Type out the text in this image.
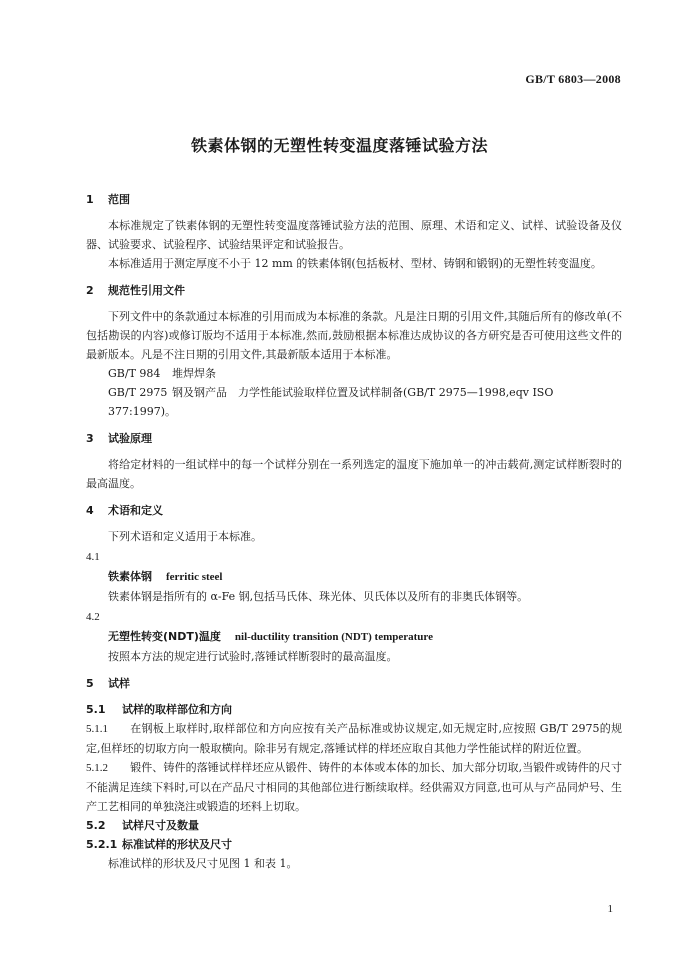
GB/T 6803—2008
铁素体钢的无塑性转变温度落锤试验方法
1 范围
本标准规定了铁素体钢的无塑性转变温度落锤试验方法的范围、原理、术语和定义、试样、试验设备及仪器、试验要求、试验程序、试验结果评定和试验报告。
本标准适用于测定厚度不小于 12 mm 的铁素体钢(包括板材、型材、铸钢和锻钢)的无塑性转变温度。
2 规范性引用文件
下列文件中的条款通过本标准的引用而成为本标准的条款。凡是注日期的引用文件,其随后所有的修改单(不包括勘误的内容)或修订版均不适用于本标准,然而,鼓励根据本标准达成协议的各方研究是否可使用这些文件的最新版本。凡是不注日期的引用文件,其最新版本适用于本标准。
GB/T 984 堆焊焊条
GB/T 2975 钢及钢产品　力学性能试验取样位置及试样制备(GB/T 2975—1998,eqv ISO 377:1997)。
3 试验原理
将给定材料的一组试样中的每一个试样分别在一系列选定的温度下施加单一的冲击载荷,测定试样断裂时的最高温度。
4 术语和定义
下列术语和定义适用于本标准。
4.1
铁素体钢 ferritic steel
铁素体钢是指所有的 α-Fe 钢,包括马氏体、珠光体、贝氏体以及所有的非奥氏体钢等。
4.2
无塑性转变(NDT)温度 nil-ductility transition (NDT) temperature
按照本方法的规定进行试验时,落锤试样断裂时的最高温度。
5 试样
5.1 试样的取样部位和方向
5.1.1 在钢板上取样时,取样部位和方向应按有关产品标准或协议规定,如无规定时,应按照 GB/T 2975的规定,但样坯的切取方向一般取横向。除非另有规定,落锤试样的样坯应取自其他力学性能试样的附近位置。
5.1.2 锻件、铸件的落锤试样样坯应从锻件、铸件的本体或本体的加长、加大部分切取,当锻件或铸件的尺寸不能满足连续下料时,可以在产品尺寸相同的其他部位进行断续取样。经供需双方同意,也可从与产品同炉号、生产工艺相同的单独浇注或锻造的坯料上切取。
5.2 试样尺寸及数量
5.2.1 标准试样的形状及尺寸
标准试样的形状及尺寸见图 1 和表 1。
1
